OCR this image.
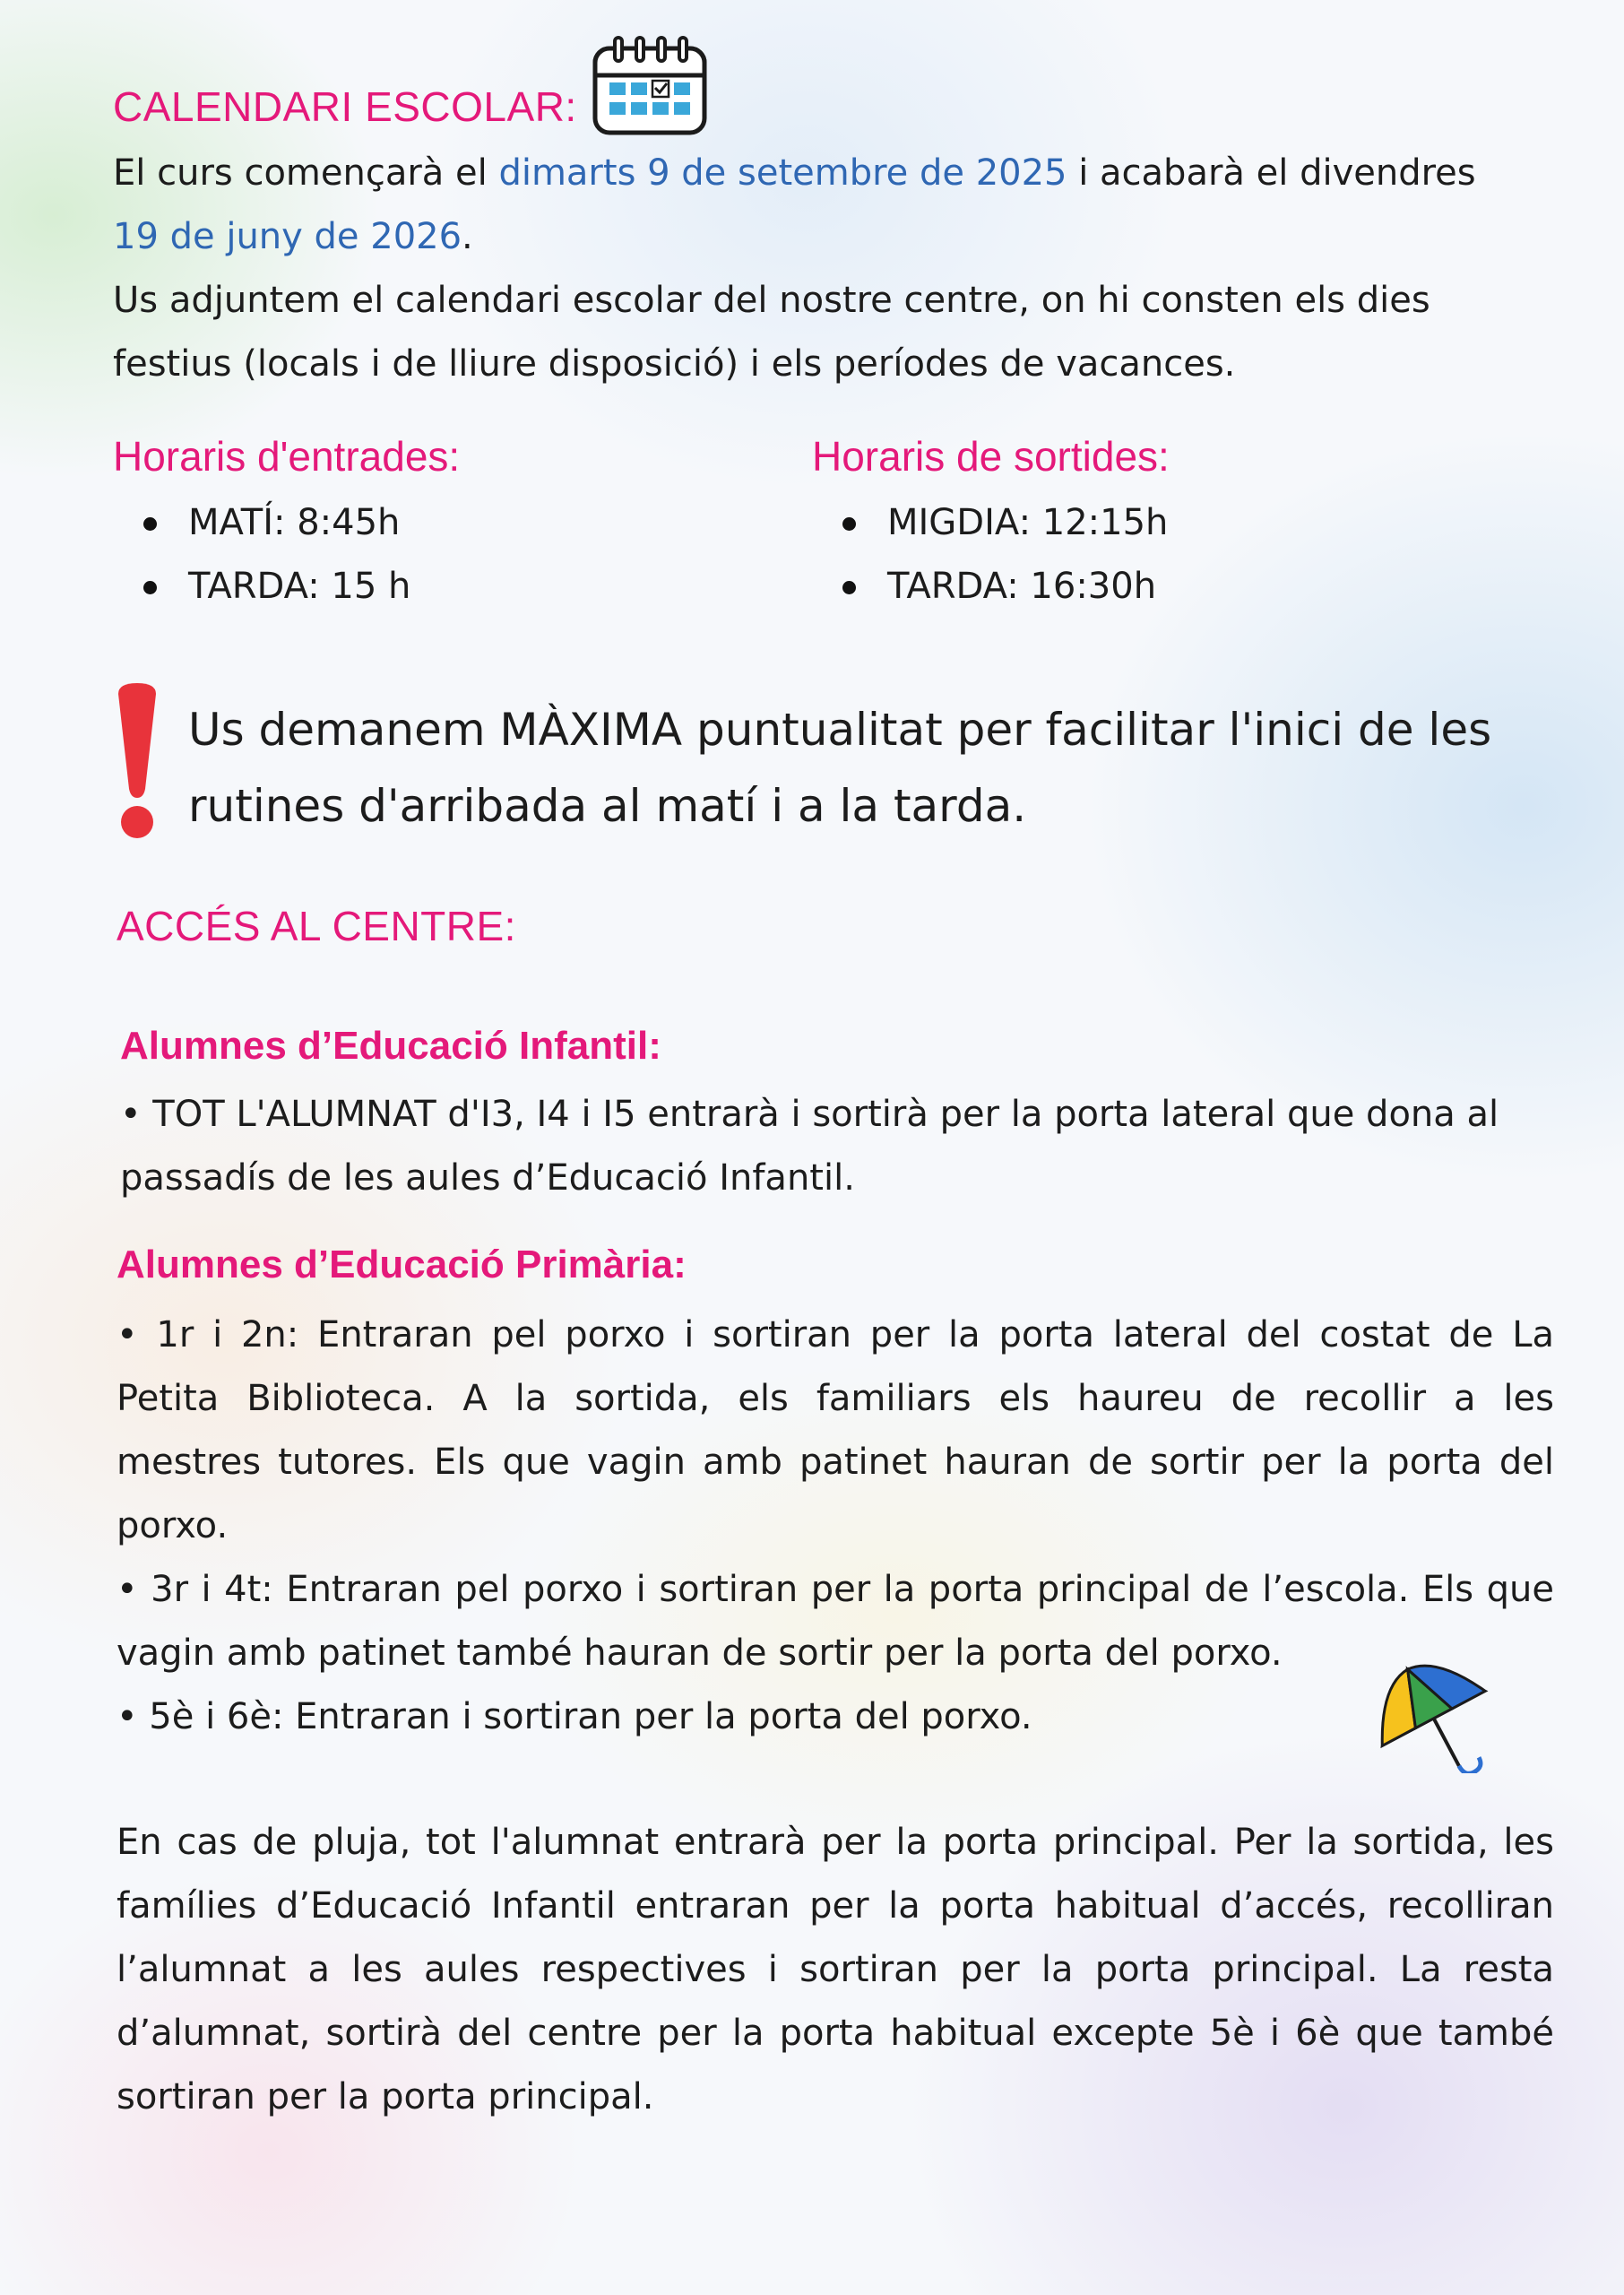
CALENDARI ESCOLAR:
El curs començarà el dimarts 9 de setembre de 2025 i acabarà el divendres
19 de juny de 2026.
Us adjuntem el calendari escolar del nostre centre, on hi consten els dies
festius (locals i de lliure disposició) i els períodes de vacances.
Horaris d'entrades:
MATÍ: 8:45h
TARDA: 15 h
Horaris de sortides:
MIGDIA: 12:15h
TARDA: 16:30h
Us demanem MÀXIMA puntualitat per facilitar l'inici de les
rutines d'arribada al matí i a la tarda.
ACCÉS AL CENTRE:
Alumnes d’Educació Infantil:
• TOT L'ALUMNAT d'I3, I4 i I5 entrarà i sortirà per la porta lateral que dona al
passadís de les aules d’Educació Infantil.
Alumnes d’Educació Primària:
• 1r i 2n: Entraran pel porxo i sortiran per la porta lateral del costat de La
Petita Biblioteca. A la sortida, els familiars els haureu de recollir a les
mestres tutores. Els que vagin amb patinet hauran de sortir per la porta del
porxo.
• 3r i 4t: Entraran pel porxo i sortiran per la porta principal de l’escola. Els que
vagin amb patinet també hauran de sortir per la porta del porxo.
• 5è i 6è: Entraran i sortiran per la porta del porxo.
En cas de pluja, tot l'alumnat entrarà per la porta principal. Per la sortida, les
famílies d’Educació Infantil entraran per la porta habitual d’accés, recolliran
l’alumnat a les aules respectives i sortiran per la porta principal. La resta
d’alumnat, sortirà del centre per la porta habitual excepte 5è i 6è que també
sortiran per la porta principal.
